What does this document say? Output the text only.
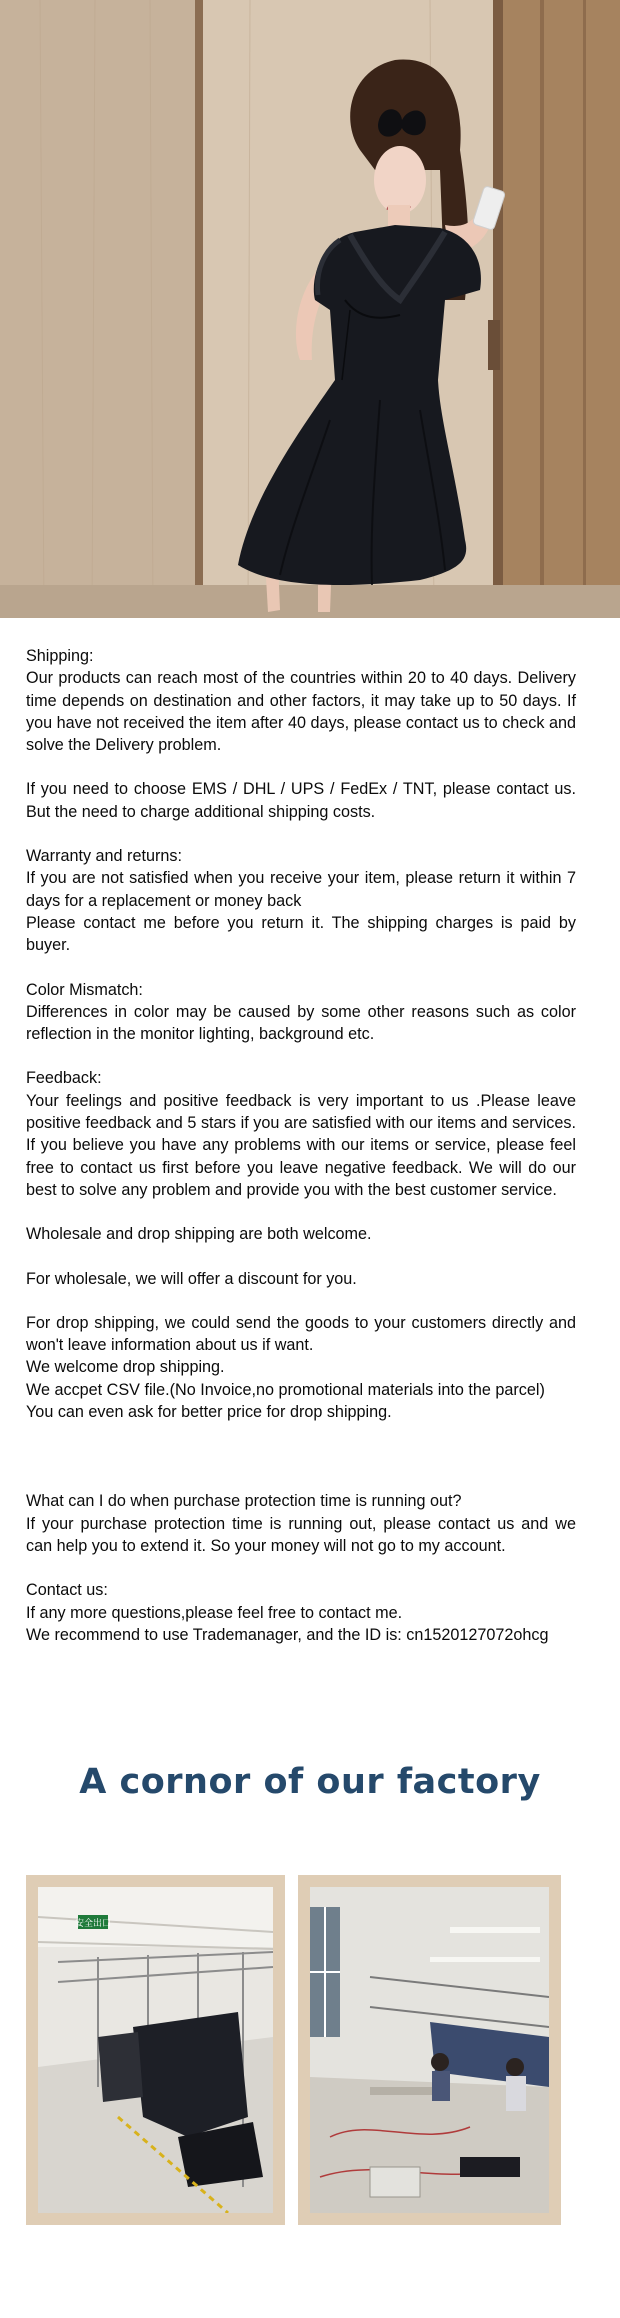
Shipping:

Our products can reach most of the countries within 20 to 40 days. Delivery time depends on destination and other factors, it may take up to 50 days. If you have not received the item after 40 days, please contact us to check and solve the Delivery problem.

If you need to choose EMS / DHL / UPS / FedEx / TNT, please contact us. But the need to charge additional shipping costs.

Warranty and returns:

If you are not satisfied when you receive your item, please return it within 7 days for a replacement or money back

Please contact me before you return it. The shipping charges is paid by buyer.

Color Mismatch:

Differences in color may be caused by some other reasons such as color reflection in the monitor lighting, background etc.

Feedback:

Your feelings and positive feedback is very important to us .Please leave positive feedback and 5 stars if you are satisfied with our items and services. If you believe you have any problems with our items or service, please feel free to contact us first before you leave negative feedback. We will do our best to solve any problem and provide you with the best customer service.

Wholesale and drop shipping are both welcome.

For wholesale, we will offer a discount for you.

For drop shipping, we could send the goods to your customers directly and won't leave information about us if want.

We welcome drop shipping.

We accpet CSV file.(No Invoice,no promotional materials into the parcel)

You can even ask for better price for drop shipping.

What can I do when purchase protection time is running out?

If your purchase protection time is running out, please contact us and we can help you to extend it. So your money will not go to my account.

Contact us:

If any more questions,please feel free to contact me.

We recommend to use Trademanager, and the ID is: cn1520127072ohcg

A cornor of our factory
安全出口
